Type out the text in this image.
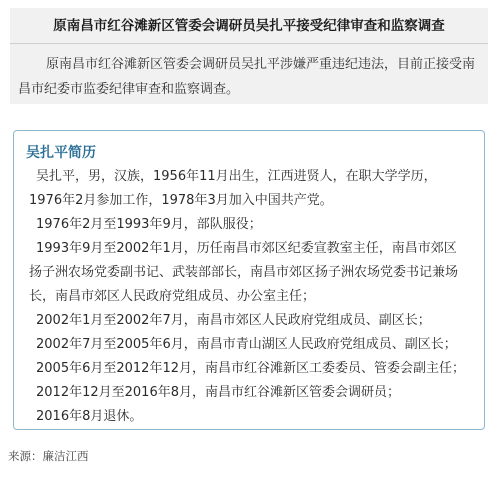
原南昌市红谷滩新区管委会调研员吴扎平接受纪律审查和监察调查
原南昌市红谷滩新区管委会调研员吴扎平涉嫌严重违纪违法，目前正接受南昌市纪委市监委纪律审查和监察调查。
吴扎平简历
吴扎平，男，汉族，1956年11月出生，江西进贤人，在职大学学历，
1976年2月参加工作，1978年3月加入中国共产党。
1976年2月至1993年9月，部队服役；
1993年9月至2002年1月，历任南昌市郊区纪委宣教室主任，南昌市郊区
扬子洲农场党委副书记、武装部部长，南昌市郊区扬子洲农场党委书记兼场
长，南昌市郊区人民政府党组成员、办公室主任；
2002年1月至2002年7月，南昌市郊区人民政府党组成员、副区长；
2002年7月至2005年6月，南昌市青山湖区人民政府党组成员、副区长；
2005年6月至2012年12月，南昌市红谷滩新区工委委员、管委会副主任；
2012年12月至2016年8月，南昌市红谷滩新区管委会调研员；
2016年8月退休。
来源：廉洁江西
